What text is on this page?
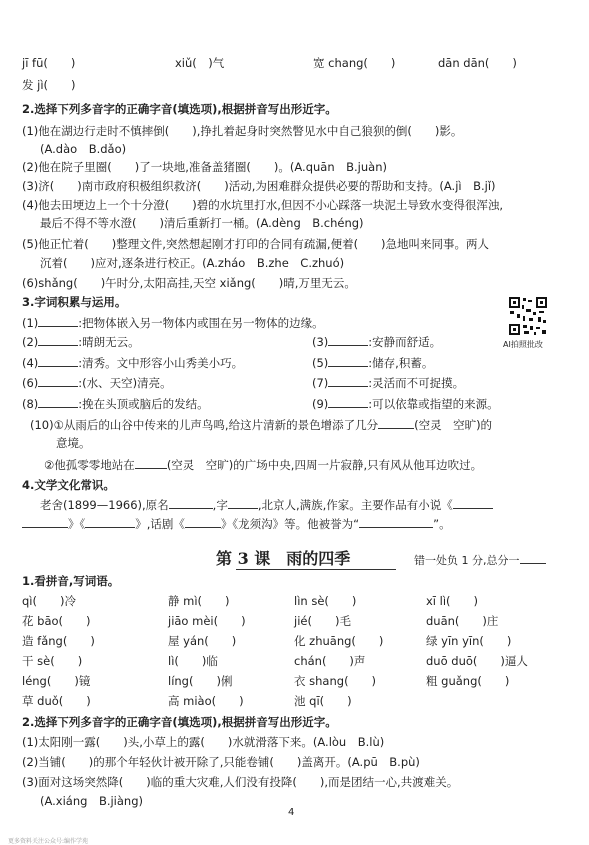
jī fū(　　)	xiǔ(　)气	宽 chang(　　)	dān dān(　　)
发 jì(　　)
2.选择下列多音字的正确字音(填选项),根据拼音写出形近字。
(1)他在湖边行走时不慎摔倒(　　),挣扎着起身时突然瞥见水中自己狼狈的倒(　　)影。
(A.dào　B.dǎo)
(2)他在院子里圈(　　)了一块地,准备盖猪圈(　　)。(A.quān　B.juàn)
(3)济(　　)南市政府积极组织救济(　　)活动,为困难群众提供必要的帮助和支持。(A.jì　B.jǐ)
(4)他去田埂边上一个十分澄(　　)碧的水坑里打水,但因不小心踩落一块泥土导致水变得很浑浊,
最后不得不等水澄(　　)清后重新打一桶。(A.dèng　B.chéng)
(5)他正忙着(　　)整理文件,突然想起刚才打印的合同有疏漏,便着(　　)急地叫来同事。两人
沉着(　　)应对,逐条进行校正。(A.zháo　B.zhe　C.zhuó)
(6)shǎng(　　)午时分,太阳高挂,天空 xiǎng(　　)晴,万里无云。
3.字词积累与运用。
(1)	:把物体嵌入另一物体内或围在另一物体的边缘。
(2)	:晴朗无云。	(3)	:安静而舒适。
(4)	:清秀。文中形容小山秀美小巧。	(5)	:储存,积蓄。
(6)	:(水、天空)清亮。	(7)	:灵活而不可捉摸。
(8)	:挽在头顶或脑后的发结。	(9)	:可以依靠或指望的来源。
(10)①从雨后的山谷中传来的儿声鸟鸣,给这片清新的景色增添了几分	(空灵　空旷)的
意境。
②他孤零零地站在	(空灵　空旷)的广场中央,四周一片寂静,只有风从他耳边吹过。
AI拍照批改
4.文学文化常识。
老舍(1899—1966),原名	,字	,北京人,满族,作家。主要作品有小说《
》《	》,话剧《	》《龙须沟》等。他被誉为“	”。
第 3 课　雨的四季	错一处负 1 分,总分一
1.看拼音,写词语。
qì(　　)冷	静 mì(　　)	lìn sè(　　)	xī lì(　　)
花 bāo(　　)	jiāo mèi(　　)	jié(　　)毛	duān(　　)庄
造 fǎng(　　)	屋 yán(　　)	化 zhuāng(　　)	绿 yīn yīn(　　)
干 sè(　　)	lì(　　)临	chán(　　)声	duō duō(　　)逼人
léng(　　)镜	líng(　　)俐	衣 shang(　　)	粗 guǎng(　　)
草 duǒ(　　)	高 miào(　　)	池 qī(　　)
2.选择下列多音字的正确字音(填选项),根据拼音写出形近字。
(1)太阳刚一露(　　)头,小草上的露(　　)水就滑落下来。(A.lòu　B.lù)
(2)当铺(　　)的那个年轻伙计被开除了,只能卷铺(　　)盖离开。(A.pū　B.pù)
(3)面对这场突然降(　　)临的重大灾难,人们没有投降(　　),而是团结一心,共渡难关。
(A.xiáng　B.jiàng)
4
更多资料关注公众号:编作学苑
